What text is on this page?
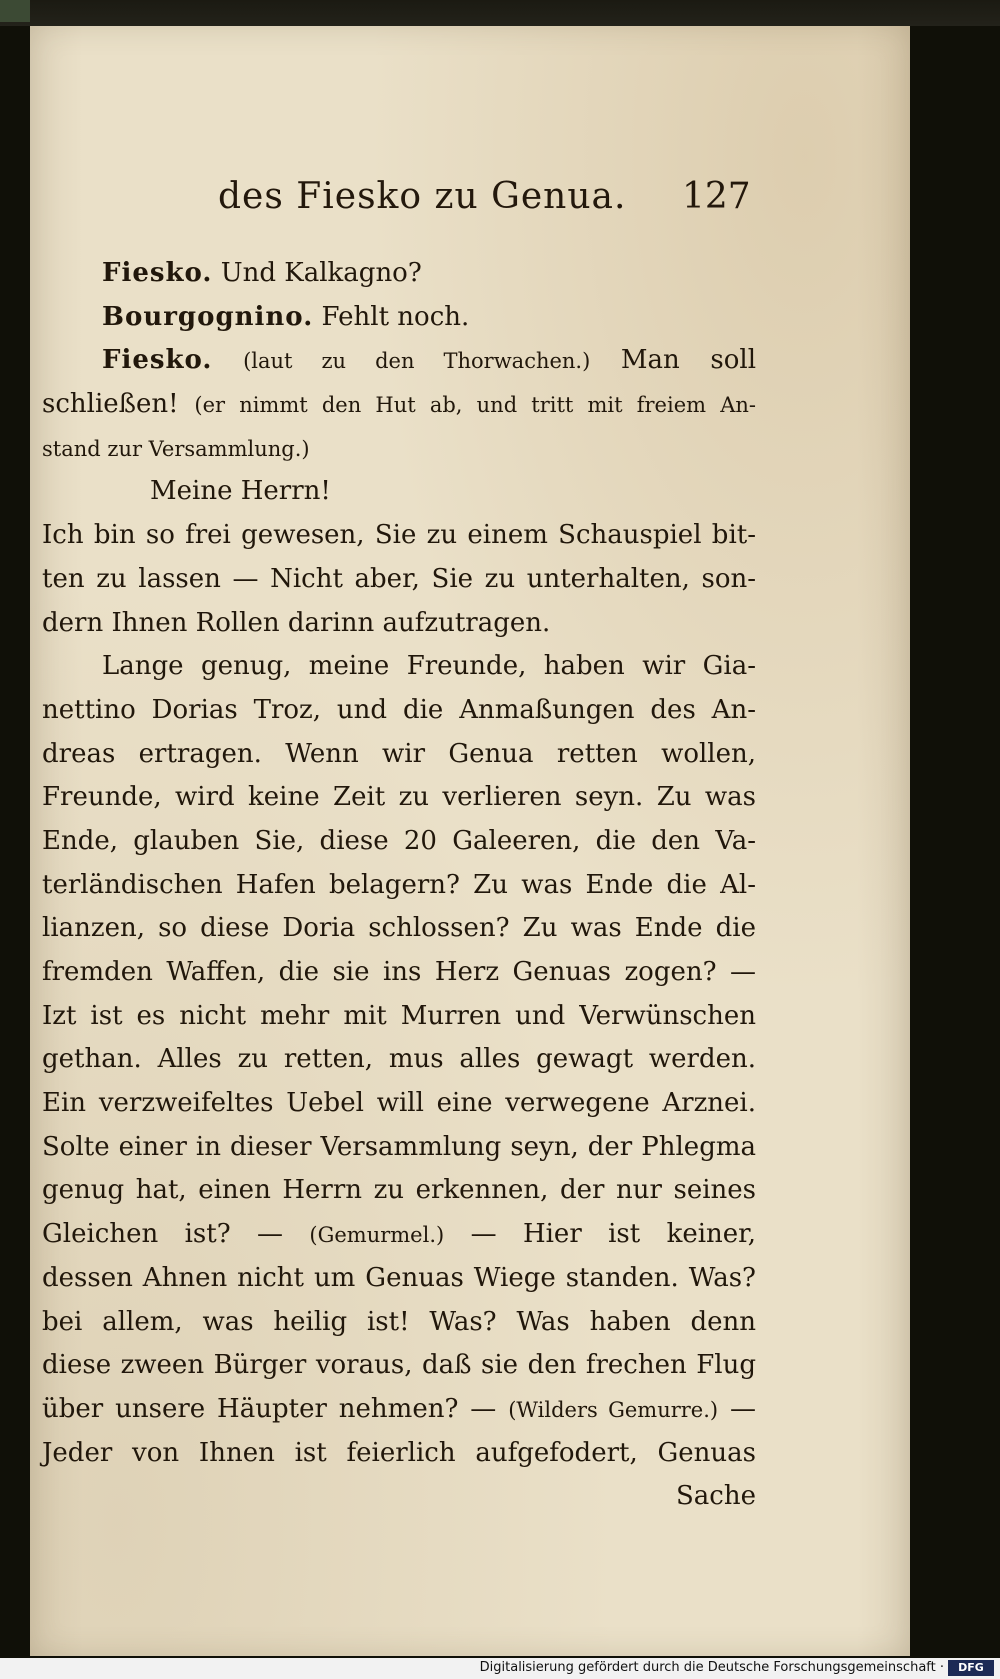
des Fiesko zu Genua. 127
Fiesko. Und Kalkagno?
Bourgognino. Fehlt noch.
Fiesko. (laut zu den Thorwachen.) Man soll
schließen! (er nimmt den Hut ab, und tritt mit freiem An-
stand zur Versammlung.)
Meine Herrn!
Ich bin so frei gewesen, Sie zu einem Schauspiel bit-
ten zu lassen — Nicht aber, Sie zu unterhalten, son-
dern Ihnen Rollen darinn aufzutragen.
Lange genug, meine Freunde, haben wir Gia-
nettino Dorias Troz, und die Anmaßungen des An-
dreas ertragen. Wenn wir Genua retten wollen,
Freunde, wird keine Zeit zu verlieren seyn. Zu was
Ende, glauben Sie, diese 20 Galeeren, die den Va-
terländischen Hafen belagern? Zu was Ende die Al-
lianzen, so diese Doria schlossen? Zu was Ende die
fremden Waffen, die sie ins Herz Genuas zogen? —
Izt ist es nicht mehr mit Murren und Verwünschen
gethan. Alles zu retten, mus alles gewagt werden.
Ein verzweifeltes Uebel will eine verwegene Arznei.
Solte einer in dieser Versammlung seyn, der Phlegma
genug hat, einen Herrn zu erkennen, der nur seines
Gleichen ist? — (Gemurmel.) — Hier ist keiner,
dessen Ahnen nicht um Genuas Wiege standen. Was?
bei allem, was heilig ist! Was? Was haben denn
diese zween Bürger voraus, daß sie den frechen Flug
über unsere Häupter nehmen? — (Wilders Gemurre.) —
Jeder von Ihnen ist feierlich aufgefodert, Genuas
Sache
Digitalisierung gefördert durch die Deutsche Forschungsgemeinschaft ·	DFG
